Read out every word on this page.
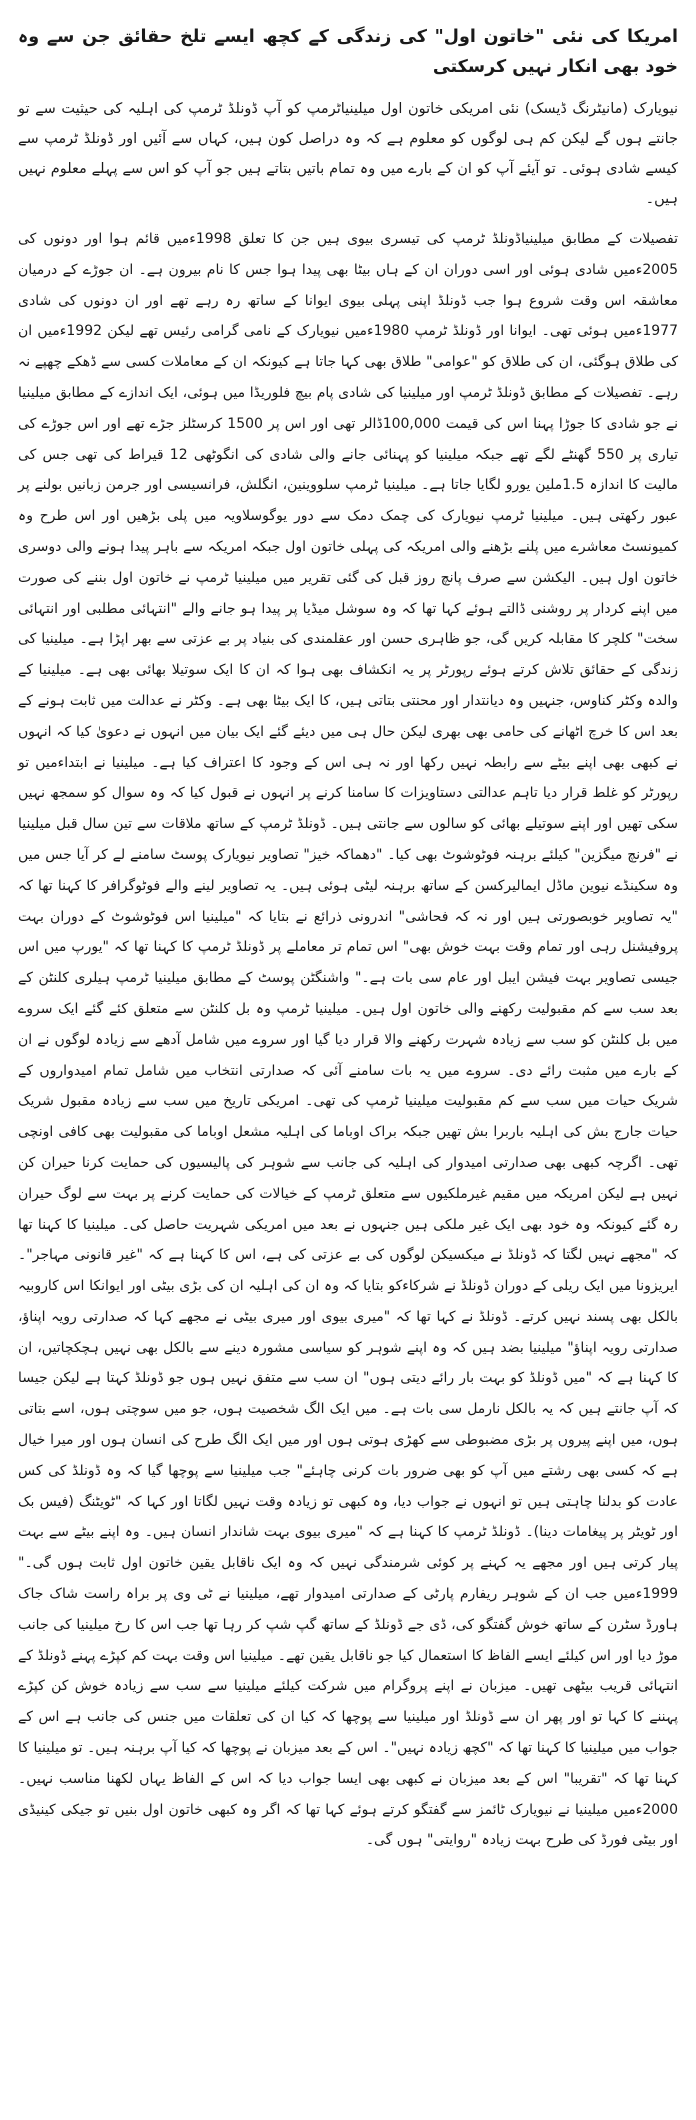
امریکا کی نئی "خاتون اول" کی زندگی کے کچھ ایسے تلخ حقائق جن سے وہ خود بھی انکار نہیں کرسکتی

نیویارک (مانیٹرنگ ڈیسک) نئی امریکی خاتون اول میلینیاٹرمپ کو آپ ڈونلڈ ٹرمپ کی اہلیہ کی حیثیت سے تو جانتے ہوں گے لیکن کم ہی لوگوں کو معلوم ہے کہ وہ دراصل کون ہیں، کہاں سے آئیں اور ڈونلڈ ٹرمپ سے کیسے شادی ہوئی۔ تو آیئے آپ کو ان کے بارے میں وہ تمام باتیں بتاتے ہیں جو آپ کو اس سے پہلے معلوم نہیں ہیں۔

تفصیلات کے مطابق میلینیاڈونلڈ ٹرمپ کی تیسری بیوی ہیں جن کا تعلق 1998ءمیں قائم ہوا اور دونوں کی 2005ءمیں شادی ہوئی اور اسی دوران ان کے ہاں بیٹا بھی پیدا ہوا جس کا نام بیرون ہے۔ ان جوڑے کے درمیان معاشقہ اس وقت شروع ہوا جب ڈونلڈ اپنی پہلی بیوی ایوانا کے ساتھ رہ رہے تھے اور ان دونوں کی شادی 1977ءمیں ہوئی تھی۔ ایوانا اور ڈونلڈ ٹرمپ 1980ءمیں نیویارک کے نامی گرامی رئیس تھے لیکن 1992ءمیں ان کی طلاق ہوگئی، ان کی طلاق کو "عوامی" طلاق بھی کہا جاتا ہے کیونکہ ان کے معاملات کسی سے ڈھکے چھپے نہ رہے۔ تفصیلات کے مطابق ڈونلڈ ٹرمپ اور میلینیا کی شادی پام بیچ فلوریڈا میں ہوئی، ایک اندازے کے مطابق میلینیا نے جو شادی کا جوڑا پہنا اس کی قیمت 100,000ڈالر تھی اور اس پر 1500 کرسٹلز جڑے تھے اور اس جوڑے کی تیاری پر 550 گھنٹے لگے تھے جبکہ میلینیا کو پہنائی جانے والی شادی کی انگوٹھی 12 قیراط کی تھی جس کی مالیت کا اندازہ 1.5ملین یورو لگایا جاتا ہے۔ میلینیا ٹرمپ سلووینین، انگلش، فرانسیسی اور جرمن زبانیں بولنے پر عبور رکھتی ہیں۔ میلینیا ٹرمپ نیویارک کی چمک دمک سے دور یوگوسلاویہ میں پلی بڑھیں اور اس طرح وہ کمیونسٹ معاشرے میں پلنے بڑھنے والی امریکہ کی پہلی خاتون اول جبکہ امریکہ سے باہر پیدا ہونے والی دوسری خاتون اول ہیں۔ الیکشن سے صرف پانچ روز قبل کی گئی تقریر میں میلینیا ٹرمپ نے خاتون اول بننے کی صورت میں اپنے کردار پر روشنی ڈالتے ہوئے کہا تھا کہ وہ سوشل میڈیا پر پیدا ہو جانے والے "انتہائی مطلبی اور انتہائی سخت" کلچر کا مقابلہ کریں گی، جو ظاہری حسن اور عقلمندی کی بنیاد پر بے عزتی سے بھر اپڑا ہے۔ میلینیا کی زندگی کے حقائق تلاش کرتے ہوئے رپورٹر پر یہ انکشاف بھی ہوا کہ ان کا ایک سوتیلا بھائی بھی ہے۔ میلینیا کے والدہ وکٹر کناوس، جنہیں وہ دیانتدار اور محنتی بتاتی ہیں، کا ایک بیٹا بھی ہے۔ وکٹر نے عدالت میں ثابت ہونے کے بعد اس کا خرچ اٹھانے کی حامی بھی بھری لیکن حال ہی میں دیئے گئے ایک بیان میں انہوں نے دعویٰ کیا کہ انہوں نے کبھی بھی اپنے بیٹے سے رابطہ نہیں رکھا اور نہ ہی اس کے وجود کا اعتراف کیا ہے۔ میلینیا نے ابتداءمیں تو رپورٹر کو غلط قرار دیا تاہم عدالتی دستاویزات کا سامنا کرنے پر انہوں نے قبول کیا کہ وہ سوال کو سمجھ نہیں سکی تھیں اور اپنے سوتیلے بھائی کو سالوں سے جانتی ہیں۔ ڈونلڈ ٹرمپ کے ساتھ ملاقات سے تین سال قبل میلینیا نے "فرنچ میگزین" کیلئے برہنہ فوٹوشوٹ بھی کیا۔ "دھماکہ خیز" تصاویر نیویارک پوسٹ سامنے لے کر آیا جس میں وہ سکینڈے نیوین ماڈل ایمالیرکسن کے ساتھ برہنہ لیٹی ہوئی ہیں۔ یہ تصاویر لینے والے فوٹوگرافر کا کہنا تھا کہ "یہ تصاویر خوبصورتی ہیں اور نہ کہ فحاشی" اندرونی ذرائع نے بتایا کہ "میلینیا اس فوٹوشوٹ کے دوران بہت پروفیشنل رہی اور تمام وقت بہت خوش بھی" اس تمام تر معاملے پر ڈونلڈ ٹرمپ کا کہنا تھا کہ "یورپ میں اس جیسی تصاویر بہت فیشن ایبل اور عام سی بات ہے۔" واشنگٹن پوسٹ کے مطابق میلینیا ٹرمپ ہیلری کلنٹن کے بعد سب سے کم مقبولیت رکھنے والی خاتون اول ہیں۔ میلینیا ٹرمپ وہ بل کلنٹن سے متعلق کئے گئے ایک سروے میں بل کلنٹن کو سب سے زیادہ شہرت رکھنے والا قرار دیا گیا اور سروے میں شامل آدھے سے زیادہ لوگوں نے ان کے بارے میں مثبت رائے دی۔ سروے میں یہ بات سامنے آئی کہ صدارتی انتخاب میں شامل تمام امیدواروں کے شریک حیات میں سب سے کم مقبولیت میلینیا ٹرمپ کی تھی۔ امریکی تاریخ میں سب سے زیادہ مقبول شریک حیات جارج بش کی اہلیہ باربرا بش تھیں جبکہ براک اوباما کی اہلیہ مشعل اوباما کی مقبولیت بھی کافی اونچی تھی۔ اگرچہ کبھی بھی صدارتی امیدوار کی اہلیہ کی جانب سے شوہر کی پالیسیوں کی حمایت کرنا حیران کن نہیں ہے لیکن امریکہ میں مقیم غیرملکیوں سے متعلق ٹرمپ کے خیالات کی حمایت کرنے پر بہت سے لوگ حیران رہ گئے کیونکہ وہ خود بھی ایک غیر ملکی ہیں جنہوں نے بعد میں امریکی شہریت حاصل کی۔ میلینیا کا کہنا تھا کہ "مجھے نہیں لگتا کہ ڈونلڈ نے میکسیکن لوگوں کی بے عزتی کی ہے، اس کا کہنا ہے کہ "غیر قانونی مہاجر"۔ ایریزونا میں ایک ریلی کے دوران ڈونلڈ نے شرکاءکو بتایا کہ وہ ان کی اہلیہ ان کی بڑی بیٹی اور ایوانکا اس کاروبیہ بالکل بھی پسند نہیں کرتے۔ ڈونلڈ نے کہا تھا کہ "میری بیوی اور میری بیٹی نے مجھے کہا کہ صدارتی رویہ اپناؤ، صدارتی رویہ اپناؤ" میلینیا بضد ہیں کہ وہ اپنے شوہر کو سیاسی مشورہ دینے سے بالکل بھی نہیں ہچکچاتیں، ان کا کہنا ہے کہ "میں ڈونلڈ کو بہت بار رائے دیتی ہوں" ان سب سے متفق نہیں ہوں جو ڈونلڈ کہتا ہے لیکن جیسا کہ آپ جانتے ہیں کہ یہ بالکل نارمل سی بات ہے۔ میں ایک الگ شخصیت ہوں، جو میں سوچتی ہوں، اسے بتاتی ہوں، میں اپنے پیروں پر بڑی مضبوطی سے کھڑی ہوتی ہوں اور میں ایک الگ طرح کی انسان ہوں اور میرا خیال ہے کہ کسی بھی رشتے میں آپ کو بھی ضرور بات کرنی چاہئے" جب میلینیا سے پوچھا گیا کہ وہ ڈونلڈ کی کس عادت کو بدلنا چاہتی ہیں تو انہوں نے جواب دیا، وہ کبھی تو زیادہ وقت نہیں لگاتا اور کہا کہ "ٹویٹنگ (فیس بک اور ٹویٹر پر پیغامات دینا)۔ ڈونلڈ ٹرمپ کا کہنا ہے کہ "میری بیوی بہت شاندار انسان ہیں۔ وہ اپنے بیٹے سے بہت پیار کرتی ہیں اور مجھے یہ کہنے پر کوئی شرمندگی نہیں کہ وہ ایک ناقابل یقین خاتون اول ثابت ہوں گی۔" 1999ءمیں جب ان کے شوہر ریفارم پارٹی کے صدارتی امیدوار تھے، میلینیا نے ٹی وی پر براہ راست شاک جاک ہاورڈ سٹرن کے ساتھ خوش گفتگو کی، ڈی جے ڈونلڈ کے ساتھ گپ شپ کر رہا تھا جب اس کا رخ میلینیا کی جانب موڑ دیا اور اس کیلئے ایسے الفاظ کا استعمال کیا جو ناقابل یقین تھے۔ میلینیا اس وقت بہت کم کپڑے پہنے ڈونلڈ کے انتہائی قریب بیٹھی تھیں۔ میزبان نے اپنے پروگرام میں شرکت کیلئے میلینیا سے سب سے زیادہ خوش کن کپڑے پہننے کا کہا تو اور پھر ان سے ڈونلڈ اور میلینیا سے پوچھا کہ کیا ان کی تعلقات میں جنس کی جانب ہے اس کے جواب میں میلینیا کا کہنا تھا کہ "کچھ زیادہ نہیں"۔ اس کے بعد میزبان نے پوچھا کہ کیا آپ برہنہ ہیں۔ تو میلینیا کا کہنا تھا کہ "تقریبا" اس کے بعد میزبان نے کبھی بھی ایسا جواب دیا کہ اس کے الفاظ یہاں لکھنا مناسب نہیں۔ 2000ءمیں میلینیا نے نیویارک ٹائمز سے گفتگو کرتے ہوئے کہا تھا کہ اگر وہ کبھی خاتون اول بنیں تو جیکی کینیڈی اور بیٹی فورڈ کی طرح بہت زیادہ "روایتی" ہوں گی۔
